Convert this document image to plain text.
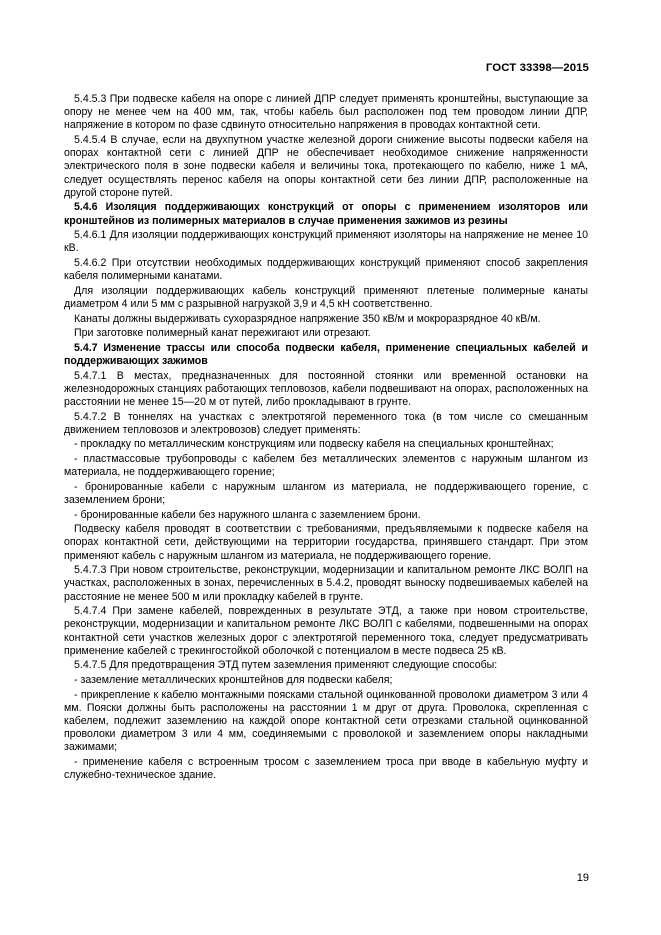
ГОСТ 33398—2015

5.4.5.3 При подвеске кабеля на опоре с линией ДПР следует применять кронштейны, выступающие за опору не менее чем на 400 мм, так, чтобы кабель был расположен под тем проводом линии ДПР, напряжение в котором по фазе сдвинуто относительно напряжения в проводах контактной сети.

5.4.5.4 В случае, если на двухпутном участке железной дороги снижение высоты подвески кабеля на опорах контактной сети с линией ДПР не обеспечивает необходимое снижение напряженности электрического поля в зоне подвески кабеля и величины тока, протекающего по кабелю, ниже 1 мА, следует осуществлять перенос кабеля на опоры контактной сети без линии ДПР, расположенные на другой стороне путей.

5.4.6 Изоляция поддерживающих конструкций от опоры с применением изоляторов или кронштейнов из полимерных материалов в случае применения зажимов из резины

5.4.6.1 Для изоляции поддерживающих конструкций применяют изоляторы на напряжение не менее 10 кВ.

5.4.6.2 При отсутствии необходимых поддерживающих конструкций применяют способ закрепления кабеля полимерными канатами.

Для изоляции поддерживающих кабель конструкций применяют плетеные полимерные канаты диаметром 4 или 5 мм с разрывной нагрузкой 3,9 и 4,5 кН соответственно.

Канаты должны выдерживать сухоразрядное напряжение 350 кВ/м и мокроразрядное 40 кВ/м.

При заготовке полимерный канат пережигают или отрезают.

5.4.7 Изменение трассы или способа подвески кабеля, применение специальных кабелей и поддерживающих зажимов

5.4.7.1 В местах, предназначенных для постоянной стоянки или временной остановки на железнодорожных станциях работающих тепловозов, кабели подвешивают на опорах, расположенных на расстоянии не менее 15—20 м от путей, либо прокладывают в грунте.

5.4.7.2 В тоннелях на участках с электротягой переменного тока (в том числе со смешанным движением тепловозов и электровозов) следует применять:

- прокладку по металлическим конструкциям или подвеску кабеля на специальных кронштейнах;

- пластмассовые трубопроводы с кабелем без металлических элементов с наружным шлангом из материала, не поддерживающего горение;

- бронированные кабели с наружным шлангом из материала, не поддерживающего горение, с заземлением брони;

- бронированные кабели без наружного шланга с заземлением брони.

Подвеску кабеля проводят в соответствии с требованиями, предъявляемыми к подвеске кабеля на опорах контактной сети, действующими на территории государства, принявшего стандарт. При этом применяют кабель с наружным шлангом из материала, не поддерживающего горение.

5.4.7.3 При новом строительстве, реконструкции, модернизации и капитальном ремонте ЛКС ВОЛП на участках, расположенных в зонах, перечисленных в 5.4.2, проводят выноску подвешиваемых кабелей на расстояние не менее 500 м или прокладку кабелей в грунте.

5.4.7.4 При замене кабелей, поврежденных в результате ЭТД, а также при новом строительстве, реконструкции, модернизации и капитальном ремонте ЛКС ВОЛП с кабелями, подвешенными на опорах контактной сети участков железных дорог с электротягой переменного тока, следует предусматривать применение кабелей с трекингостойкой оболочкой с потенциалом в месте подвеса 25 кВ.

5.4.7.5 Для предотвращения ЭТД путем заземления применяют следующие способы:

- заземление металлических кронштейнов для подвески кабеля;

- прикрепление к кабелю монтажными поясками стальной оцинкованной проволоки диаметром 3 или 4 мм. Пояски должны быть расположены на расстоянии 1 м друг от друга. Проволока, скрепленная с кабелем, подлежит заземлению на каждой опоре контактной сети отрезками стальной оцинкованной проволоки диаметром 3 или 4 мм, соединяемыми с проволокой и заземлением опоры накладными зажимами;

- применение кабеля с встроенным тросом с заземлением троса при вводе в кабельную муфту и служебно-техническое здание.

19
